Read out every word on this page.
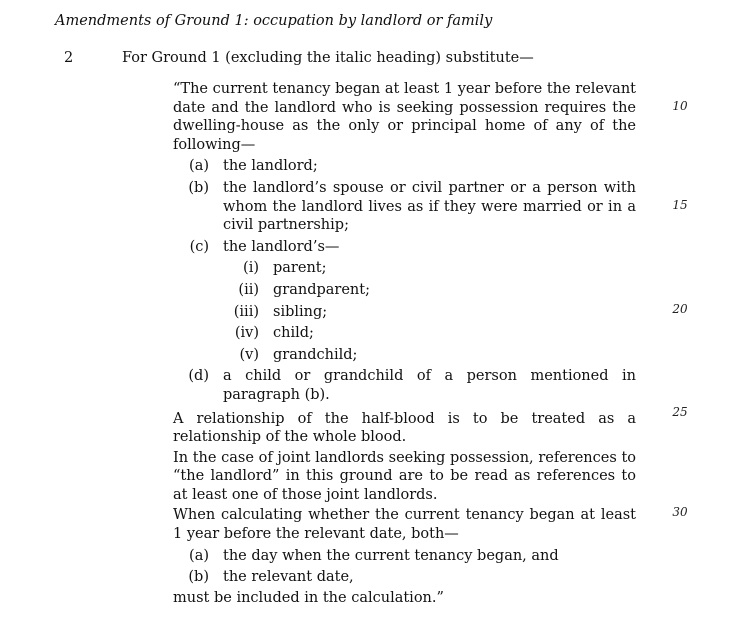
Amendments of Ground 1: occupation by landlord or family
2	For Ground 1 (excluding the italic heading) substitute—

“The current tenancy began at least 1 year before the relevant date and the landlord who is seeking possession requires the dwelling-house as the only or principal home of any of the following—

(a) the landlord;
(b) the landlord’s spouse or civil partner or a person with whom the landlord lives as if they were married or in a civil partnership;
(c) the landlord’s—
(i) parent;
(ii) grandparent;
(iii) sibling;
(iv) child;
(v) grandchild;
(d) a child or grandchild of a person mentioned in paragraph (b).

A relationship of the half-blood is to be treated as a relationship of the whole blood.

In the case of joint landlords seeking possession, references to “the landlord” in this ground are to be read as references to at least one of those joint landlords.

When calculating whether the current tenancy began at least 1 year before the relevant date, both—

(a) the day when the current tenancy began, and
(b) the relevant date,

must be included in the calculation.”

10
15
20
25
30
